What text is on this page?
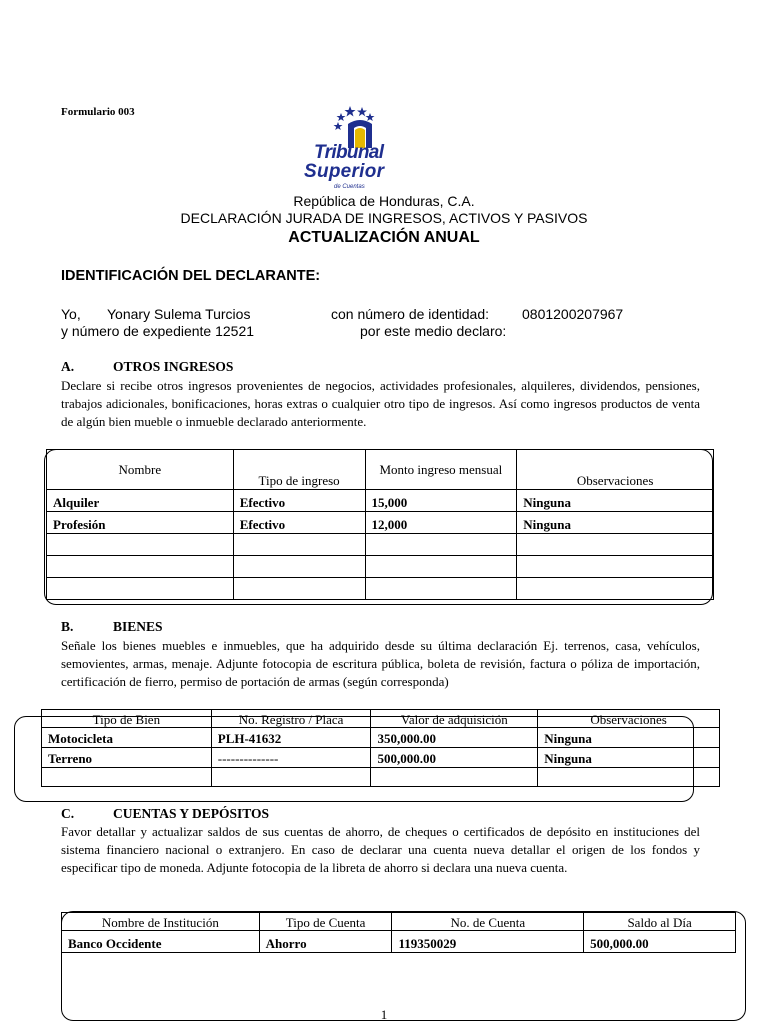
Formulario 003
Tribunal
Superior
de Cuentas
República de Honduras, C.A.
DECLARACIÓN JURADA DE INGRESOS, ACTIVOS Y PASIVOS
ACTUALIZACIÓN ANUAL
IDENTIFICACIÓN DEL DECLARANTE:
Yo, Yonary Sulema Turcios	con número de identidad: 0801200207967
y número de expediente 12521	por este medio declaro:
A.	OTROS INGRESOS
Declare si recibe otros ingresos provenientes de negocios, actividades profesionales, alquileres, dividendos, pensiones, trabajos adicionales, bonificaciones, horas extras o cualquier otro tipo de ingresos. Así como ingresos productos de venta de algún bien mueble o inmueble declarado anteriormente.
Nombre	Tipo de ingreso	Monto ingreso mensual	Observaciones
Alquiler	Efectivo	15,000	Ninguna
Profesión	Efectivo	12,000	Ninguna

B.	BIENES
Señale los bienes muebles e inmuebles, que ha adquirido desde su última declaración Ej. terrenos, casa, vehículos, semovientes, armas, menaje. Adjunte fotocopia de escritura pública, boleta de revisión, factura o póliza de importación, certificación de fierro, permiso de portación de armas (según corresponda)
Tipo de Bien	No. Registro / Placa	Valor de adquisición	Observaciones
Motocicleta	PLH-41632	350,000.00	Ninguna
Terreno	--------------	500,000.00	Ninguna

C.	CUENTAS Y DEPÓSITOS
Favor detallar y actualizar saldos de sus cuentas de ahorro, de cheques o certificados de depósito en instituciones del sistema financiero nacional o extranjero. En caso de declarar una cuenta nueva detallar el origen de los fondos y especificar tipo de moneda. Adjunte fotocopia de la libreta de ahorro si declara una nueva cuenta.
Nombre de Institución	Tipo de Cuenta	No. de Cuenta	Saldo al Día
Banco Occidente	Ahorro	119350029	500,000.00
1
